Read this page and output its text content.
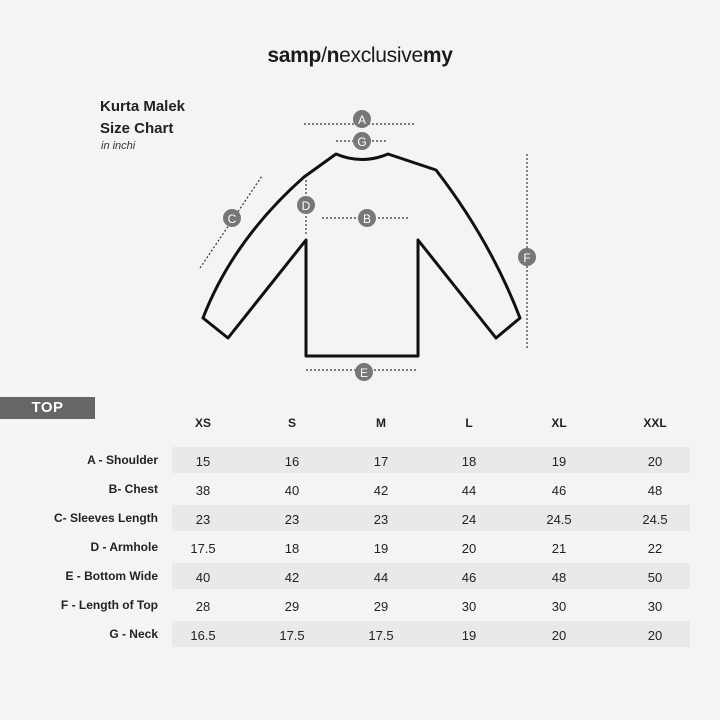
samp/nexclusivemy
Kurta Malek
Size Chart
in inchi
A
G
B
C
D
E
F
TOP
XS	S	M	L	XL	XXL
A - Shoulder	15	16	17	18	19	20
B- Chest	38	40	42	44	46	48
C- Sleeves Length	23	23	23	24	24.5	24.5
D - Armhole	17.5	18	19	20	21	22
E - Bottom Wide	40	42	44	46	48	50
F - Length of Top	28	29	29	30	30	30
G - Neck	16.5	17.5	17.5	19	20	20
